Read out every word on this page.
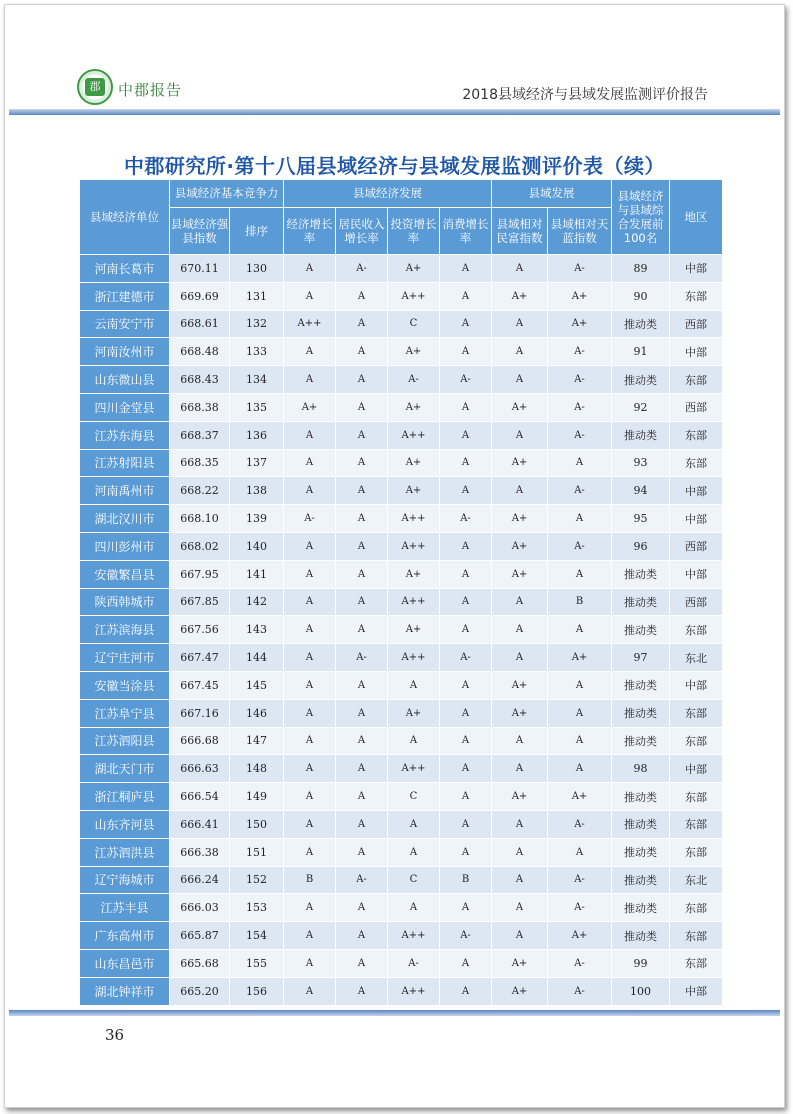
郡	中郡报告	2018县域经济与县域发展监测评价报告
中郡研究所·第十八届县域经济与县域发展监测评价表（续）
县域经济单位	县域经济基本竞争力		县域经济发展				县域发展		县域经济与县域综合发展前100名	地区
	县域经济强县指数	排序	经济增长率	居民收入增长率	投资增长率	消费增长率	县域相对民富指数	县域相对天蓝指数		
河南长葛市	670.11	130	A	A-	A+	A	A	A-	89	中部
浙江建德市	669.69	131	A	A	A++	A	A+	A+	90	东部
云南安宁市	668.61	132	A++	A	C	A	A	A+	推动类	西部
河南汝州市	668.48	133	A	A	A+	A	A	A-	91	中部
山东微山县	668.43	134	A	A	A-	A-	A	A-	推动类	东部
四川金堂县	668.38	135	A+	A	A+	A	A+	A-	92	西部
江苏东海县	668.37	136	A	A	A++	A	A	A-	推动类	东部
江苏射阳县	668.35	137	A	A	A+	A	A+	A	93	东部
河南禹州市	668.22	138	A	A	A+	A	A	A-	94	中部
湖北汉川市	668.10	139	A-	A	A++	A-	A+	A	95	中部
四川彭州市	668.02	140	A	A	A++	A	A+	A-	96	西部
安徽繁昌县	667.95	141	A	A	A+	A	A+	A	推动类	中部
陕西韩城市	667.85	142	A	A	A++	A	A	B	推动类	西部
江苏滨海县	667.56	143	A	A	A+	A	A	A	推动类	东部
辽宁庄河市	667.47	144	A	A-	A++	A-	A	A+	97	东北
安徽当涂县	667.45	145	A	A	A	A	A+	A	推动类	中部
江苏阜宁县	667.16	146	A	A	A+	A	A+	A	推动类	东部
江苏泗阳县	666.68	147	A	A	A	A	A	A	推动类	东部
湖北天门市	666.63	148	A	A	A++	A	A	A	98	中部
浙江桐庐县	666.54	149	A	A	C	A	A+	A+	推动类	东部
山东齐河县	666.41	150	A	A	A	A	A	A-	推动类	东部
江苏泗洪县	666.38	151	A	A	A	A	A	A	推动类	东部
辽宁海城市	666.24	152	B	A-	C	B	A	A-	推动类	东北
江苏丰县	666.03	153	A	A	A	A	A	A-	推动类	东部
广东高州市	665.87	154	A	A	A++	A-	A	A+	推动类	东部
山东昌邑市	665.68	155	A	A	A-	A	A+	A-	99	东部
湖北钟祥市	665.20	156	A	A	A++	A	A+	A-	100	中部
36
